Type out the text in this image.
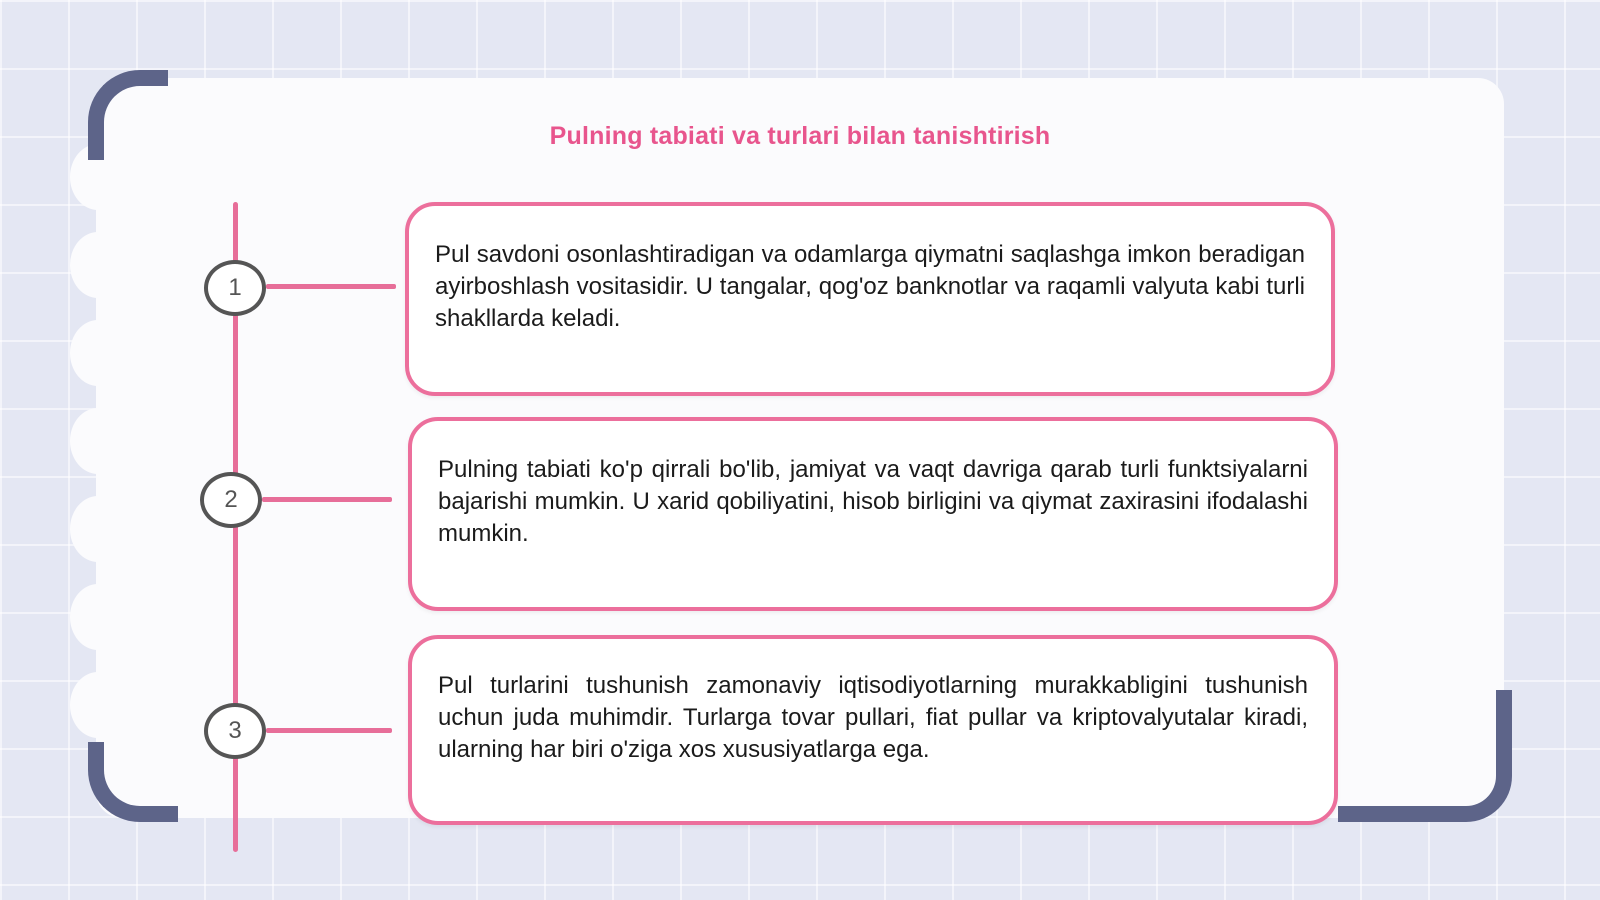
Pulning tabiati va turlari bilan tanishtirish
1

Pul savdoni osonlashtiradigan va odamlarga qiymatni saqlashga imkon beradigan ayirboshlash vositasidir. U tangalar, qog'oz banknotlar va raqamli valyuta kabi turli shakllarda keladi.

2

Pulning tabiati ko'p qirrali bo'lib, jamiyat va vaqt davriga qarab turli funktsiyalarni bajarishi mumkin. U xarid qobiliyatini, hisob birligini va qiymat zaxirasini ifodalashi mumkin.

3

Pul turlarini tushunish zamonaviy iqtisodiyotlarning murakkabligini tushunish uchun juda muhimdir. Turlarga tovar pullari, fiat pullar va kriptovalyutalar kiradi, ularning har biri o'ziga xos xususiyatlarga ega.
